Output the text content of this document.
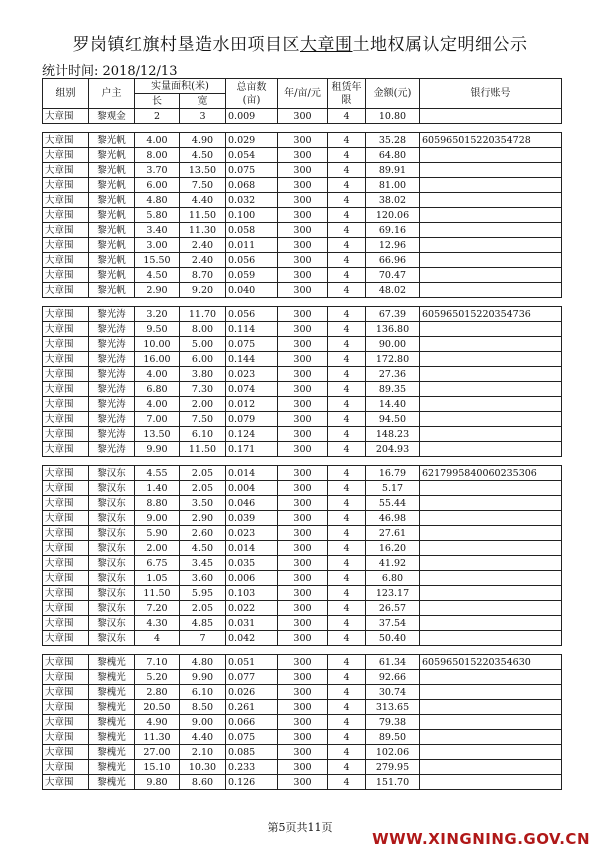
罗岗镇红旗村垦造水田项目区大章围土地权属认定明细公示
统计时间: 2018/12/13
组别	户主	实量面积(米)		总亩数(亩)	年/亩/元	租赁年限	金额(元)	银行账号
		长	宽					
大章围	黎观金	2	3	0.009	300	4	10.80	

大章围	黎光帆	4.00	4.90	0.029	300	4	35.28	605965015220354728
大章围	黎光帆	8.00	4.50	0.054	300	4	64.80	
大章围	黎光帆	3.70	13.50	0.075	300	4	89.91	
大章围	黎光帆	6.00	7.50	0.068	300	4	81.00	
大章围	黎光帆	4.80	4.40	0.032	300	4	38.02	
大章围	黎光帆	5.80	11.50	0.100	300	4	120.06	
大章围	黎光帆	3.40	11.30	0.058	300	4	69.16	
大章围	黎光帆	3.00	2.40	0.011	300	4	12.96	
大章围	黎光帆	15.50	2.40	0.056	300	4	66.96	
大章围	黎光帆	4.50	8.70	0.059	300	4	70.47	
大章围	黎光帆	2.90	9.20	0.040	300	4	48.02	

大章围	黎光涛	3.20	11.70	0.056	300	4	67.39	605965015220354736
大章围	黎光涛	9.50	8.00	0.114	300	4	136.80	
大章围	黎光涛	10.00	5.00	0.075	300	4	90.00	
大章围	黎光涛	16.00	6.00	0.144	300	4	172.80	
大章围	黎光涛	4.00	3.80	0.023	300	4	27.36	
大章围	黎光涛	6.80	7.30	0.074	300	4	89.35	
大章围	黎光涛	4.00	2.00	0.012	300	4	14.40	
大章围	黎光涛	7.00	7.50	0.079	300	4	94.50	
大章围	黎光涛	13.50	6.10	0.124	300	4	148.23	
大章围	黎光涛	9.90	11.50	0.171	300	4	204.93	

大章围	黎汉东	4.55	2.05	0.014	300	4	16.79	6217995840060235306
大章围	黎汉东	1.40	2.05	0.004	300	4	5.17	
大章围	黎汉东	8.80	3.50	0.046	300	4	55.44	
大章围	黎汉东	9.00	2.90	0.039	300	4	46.98	
大章围	黎汉东	5.90	2.60	0.023	300	4	27.61	
大章围	黎汉东	2.00	4.50	0.014	300	4	16.20	
大章围	黎汉东	6.75	3.45	0.035	300	4	41.92	
大章围	黎汉东	1.05	3.60	0.006	300	4	6.80	
大章围	黎汉东	11.50	5.95	0.103	300	4	123.17	
大章围	黎汉东	7.20	2.05	0.022	300	4	26.57	
大章围	黎汉东	4.30	4.85	0.031	300	4	37.54	
大章围	黎汉东	4	7	0.042	300	4	50.40	

大章围	黎槐光	7.10	4.80	0.051	300	4	61.34	605965015220354630
大章围	黎槐光	5.20	9.90	0.077	300	4	92.66	
大章围	黎槐光	2.80	6.10	0.026	300	4	30.74	
大章围	黎槐光	20.50	8.50	0.261	300	4	313.65	
大章围	黎槐光	4.90	9.00	0.066	300	4	79.38	
大章围	黎槐光	11.30	4.40	0.075	300	4	89.50	
大章围	黎槐光	27.00	2.10	0.085	300	4	102.06	
大章围	黎槐光	15.10	10.30	0.233	300	4	279.95	
大章围	黎槐光	9.80	8.60	0.126	300	4	151.70	
第5页共11页
WWW.XINGNING.GOV.CN
